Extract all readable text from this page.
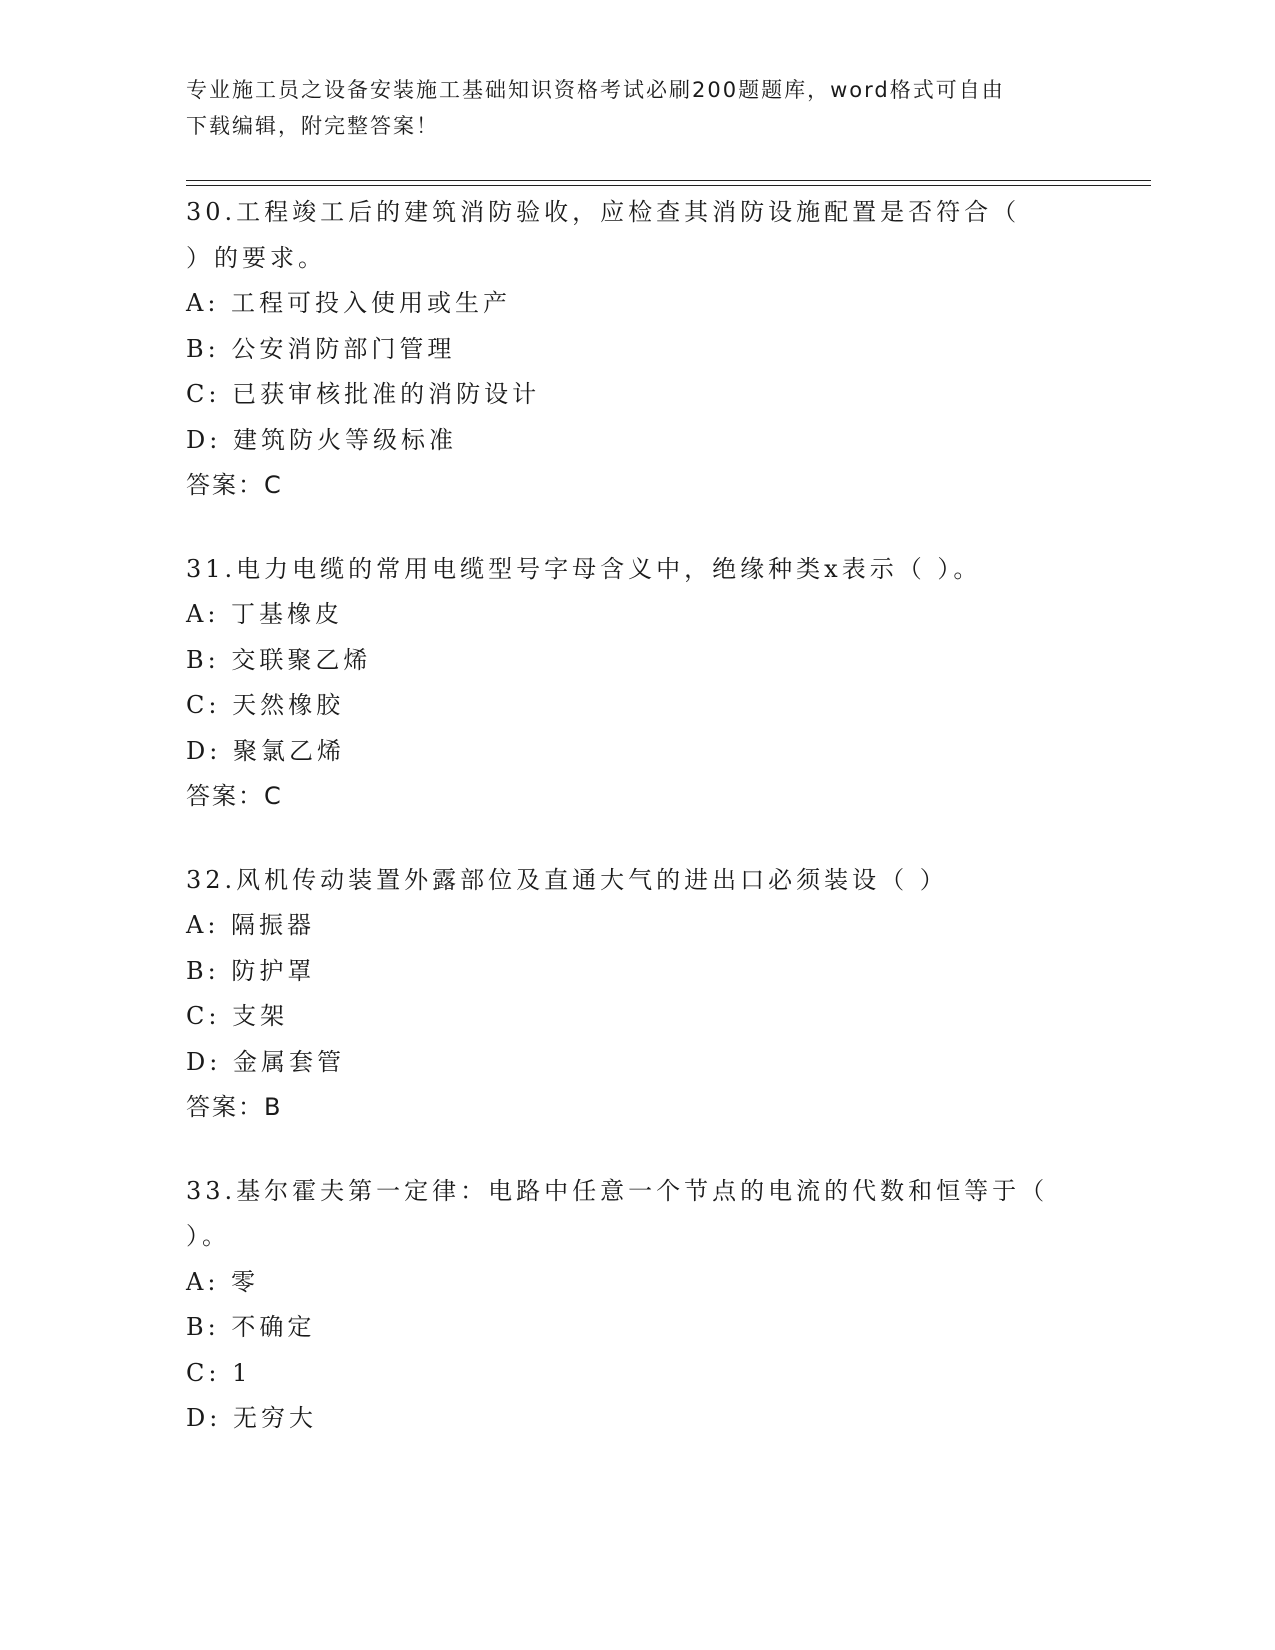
专业施工员之设备安装施工基础知识资格考试必刷200题题库，word格式可自由
下载编辑，附完整答案！
30.工程竣工后的建筑消防验收，应检查其消防设施配置是否符合（
）的要求。
A: 工程可投入使用或生产
B: 公安消防部门管理
C: 已获审核批准的消防设计
D: 建筑防火等级标准
答案：C
31.电力电缆的常用电缆型号字母含义中，绝缘种类x表示（ ）。
A: 丁基橡皮
B: 交联聚乙烯
C: 天然橡胶
D: 聚氯乙烯
答案：C
32.风机传动装置外露部位及直通大气的进出口必须装设（ ）
A: 隔振器
B: 防护罩
C: 支架
D: 金属套管
答案：B
33.基尔霍夫第一定律：电路中任意一个节点的电流的代数和恒等于（
）。
A: 零
B: 不确定
C: 1
D: 无穷大
